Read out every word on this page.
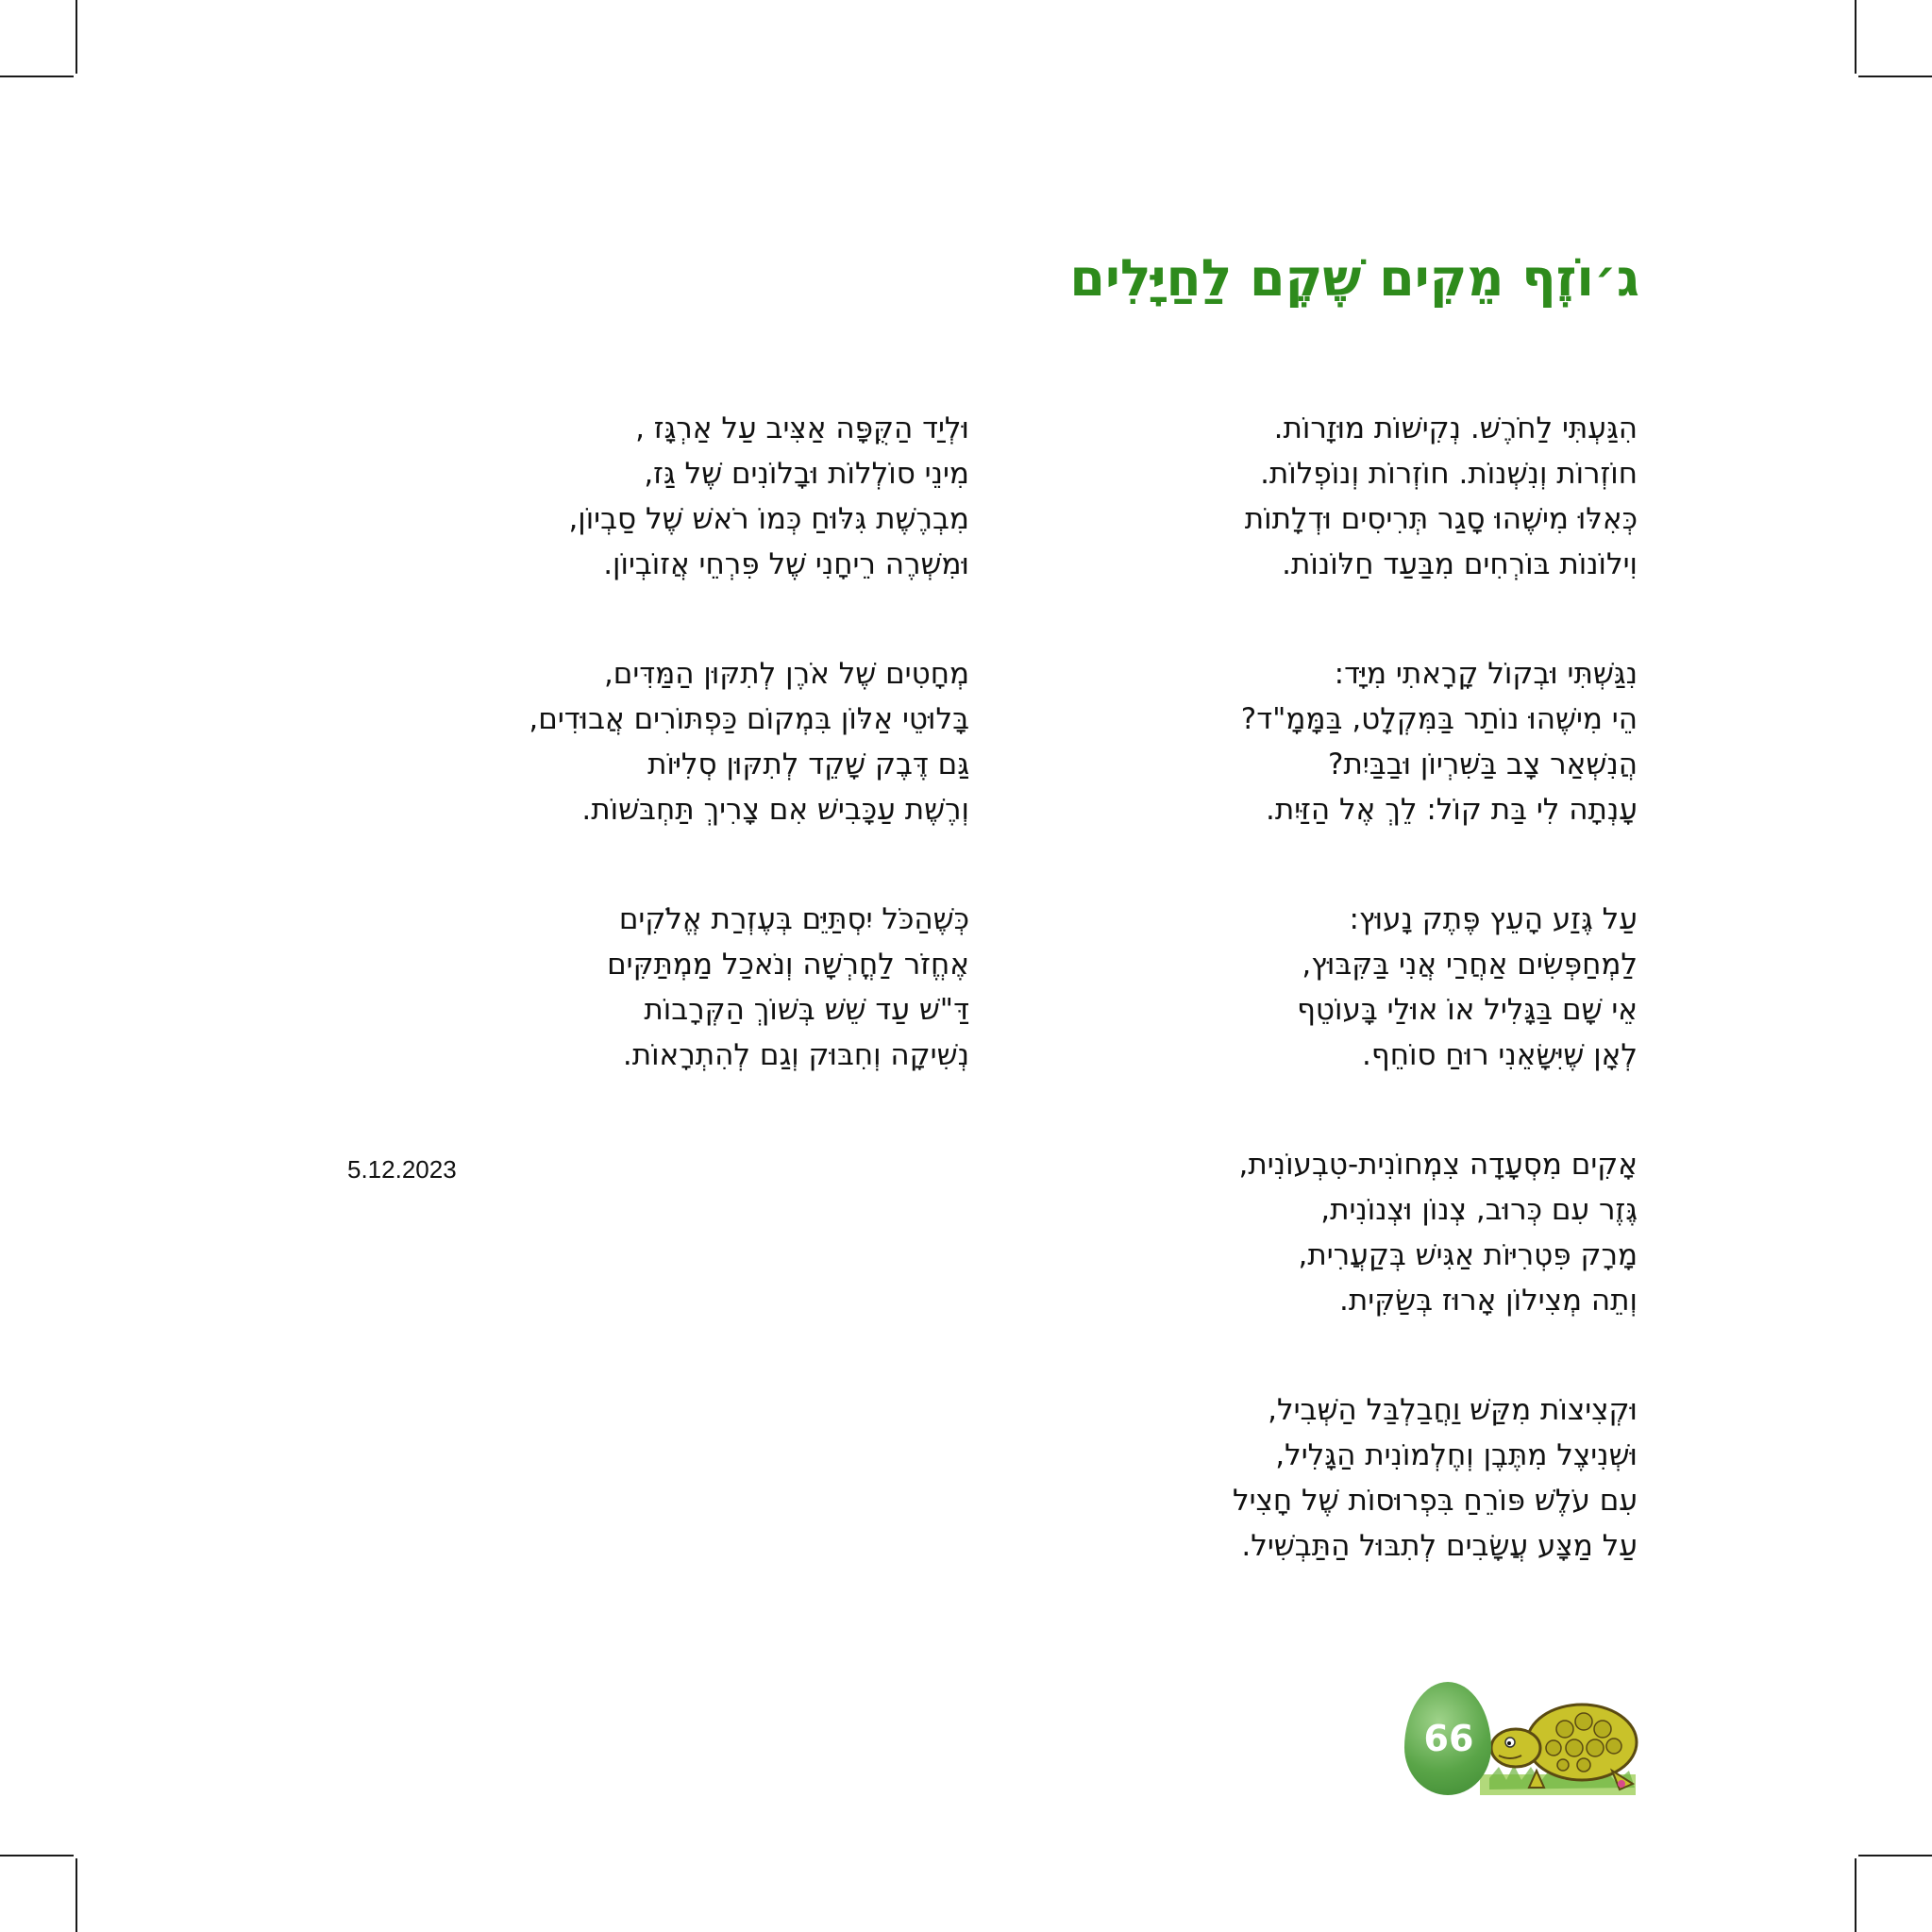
ג׳וֹזֶף מֵקִים שֶׁקֶם לַחַיָּלִים
הִגַּעְתִּי לַחֹרֶשׁ. נְקִישׁוֹת מוּזָרוֹת.
חוֹזְרוֹת וְנִשְׁנוֹת. חוֹזְרוֹת וְנוֹפְלוֹת.
כְּאִלּוּ מִישֶׁהוּ סָגַר תְּרִיסִים וּדְלָתוֹת
וִילוֹנוֹת בּוֹרְחִים מִבַּעַד חַלּוֹנוֹת.
נִגַּשְׁתִּי וּבְקוֹל קָרָאתִי מִיָּד:
הֵי מִישֶׁהוּ נוֹתַר בַּמִּקְלָט, בַּמָּמָ"ד?
הֲנִשְׁאַר צָב בַּשִּׁרְיוֹן וּבַבַּיִת?
עָנְתָה לִי בַּת קוֹל: לֵךְ אֶל הַזַּיִת.
עַל גֶּזַע הָעֵץ פֶּתֶק נָעוּץ:
לַמְחַפְּשִׂים אַחֲרַי אֲנִי בַּקִּבּוּץ,
אֵי שָׁם בַּגָּלִיל אוֹ אוּלַי בָּעוֹטֵף
לְאָן שֶׁיִּשָּׂאֵנִי רוּחַ סוֹחֵף.
אָקִים מִסְעָדָה צִמְחוֹנִית-טִבְעוֹנִית,
גֶּזֶר עִם כְּרוּב, צְנוֹן וּצְנוֹנִית,
מָרָק פִּטְרִיּוֹת אַגִּישׁ בְּקַעֲרִית,
וְתֵה מְצִילוֹן אָרוּז בְּשַׂקִּית.
וּקְצִיצוֹת מִקַּשׁ וַחֲבַלְבַּל הַשְּׁבִיל,
וּשְׁנִיצֶל מִתֶּבֶן וְחֶלְמוֹנִית הַגָּלִיל,
עִם עֹלֶשׁ פּוֹרֵחַ בִּפְרוּסוֹת שֶׁל חָצִיל
עַל מַצָּע עֲשָׂבִים לְתִבּוּל הַתַּבְשִׁיל.
וּלְיַד הַקֻּפָּה אַצִּיב עַל אַרְגָּז ,
מִינֵי סוֹלְלוֹת וּבָלוֹנִים שֶׁל גַּז,
מִבְרֶשֶׁת גִּלּוּחַ כְּמוֹ רֹאשׁ שֶׁל סַבְיוֹן,
וּמִשְׁרֶה רֵיחָנִי שֶׁל פִּרְחֵי אֲזוֹבְיוֹן.
מְחָטִים שֶׁל אֹרֶן לְתִקּוּן הַמַּדִּים,
בָּלוּטֵי אַלּוֹן בִּמְקוֹם כַּפְתּוֹרִים אֲבוּדִים,
גַּם דֶּבֶק שָׁקֵד לְתִקּוּן סְלִיּוֹת
וְרֶשֶׁת עַכָּבִישׁ אִם צָרִיךְ תַּחְבּשׁוֹת.
כְּשֶׁהַכֹּל יִסְתַּיֵּם בְּעֶזְרַת אֱלֹקִים
אֶחֱזֹר לַחֳרְשָׁה וְנֹאכַל מַמְתַּקִּים
דַּ"שׁ עַד שֵׁשׁ בְּשׁוֹךְ הַקְּרָבוֹת
נְשִׁיקָה וְחִבּוּק וְגַם לְהִתְרָאוֹת.
5.12.2023
66
